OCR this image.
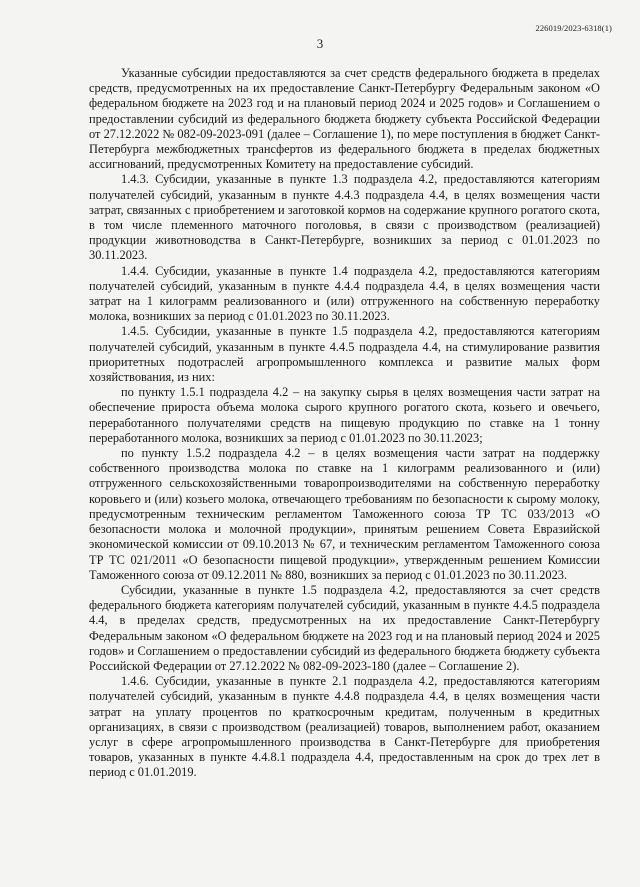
226019/2023-6318(1)
3

Указанные субсидии предоставляются за счет средств федерального бюджета в пределах средств, предусмотренных на их предоставление Санкт-Петербургу Федеральным законом «О федеральном бюджете на 2023 год и на плановый период 2024 и 2025 годов» и Соглашением о предоставлении субсидий из федерального бюджета бюджету субъекта Российской Федерации от 27.12.2022 № 082-09-2023-091 (далее – Соглашение 1), по мере поступления в бюджет Санкт-Петербурга межбюджетных трансфертов из федерального бюджета в пределах бюджетных ассигнований, предусмотренных Комитету на предоставление субсидий.

1.4.3. Субсидии, указанные в пункте 1.3 подраздела 4.2, предоставляются категориям получателей субсидий, указанным в пункте 4.4.3 подраздела 4.4, в целях возмещения части затрат, связанных с приобретением и заготовкой кормов на содержание крупного рогатого скота, в том числе племенного маточного поголовья, в связи с производством (реализацией) продукции животноводства в Санкт-Петербурге, возникших за период с 01.01.2023 по 30.11.2023.

1.4.4. Субсидии, указанные в пункте 1.4 подраздела 4.2, предоставляются категориям получателей субсидий, указанным в пункте 4.4.4 подраздела 4.4, в целях возмещения части затрат на 1 килограмм реализованного и (или) отгруженного на собственную переработку молока, возникших за период с 01.01.2023 по 30.11.2023.

1.4.5. Субсидии, указанные в пункте 1.5 подраздела 4.2, предоставляются категориям получателей субсидий, указанным в пункте 4.4.5 подраздела 4.4, на стимулирование развития приоритетных подотраслей агропромышленного комплекса и развитие малых форм хозяйствования, из них:

по пункту 1.5.1 подраздела 4.2 – на закупку сырья в целях возмещения части затрат на обеспечение прироста объема молока сырого крупного рогатого скота, козьего и овечьего, переработанного получателями средств на пищевую продукцию по ставке на 1 тонну переработанного молока, возникших за период с 01.01.2023 по 30.11.2023;

по пункту 1.5.2 подраздела 4.2 – в целях возмещения части затрат на поддержку собственного производства молока по ставке на 1 килограмм реализованного и (или) отгруженного сельскохозяйственными товаропроизводителями на собственную переработку коровьего и (или) козьего молока, отвечающего требованиям по безопасности к сырому молоку, предусмотренным техническим регламентом Таможенного союза ТР ТС 033/2013 «О безопасности молока и молочной продукции», принятым решением Совета Евразийской экономической комиссии от 09.10.2013 № 67, и техническим регламентом Таможенного союза ТР ТС 021/2011 «О безопасности пищевой продукции», утвержденным решением Комиссии Таможенного союза от 09.12.2011 № 880, возникших за период с 01.01.2023 по 30.11.2023.

Субсидии, указанные в пункте 1.5 подраздела 4.2, предоставляются за счет средств федерального бюджета категориям получателей субсидий, указанным в пункте 4.4.5 подраздела 4.4, в пределах средств, предусмотренных на их предоставление Санкт-Петербургу Федеральным законом «О федеральном бюджете на 2023 год и на плановый период 2024 и 2025 годов» и Соглашением о предоставлении субсидий из федерального бюджета бюджету субъекта Российской Федерации от 27.12.2022 № 082-09-2023-180 (далее – Соглашение 2).

1.4.6. Субсидии, указанные в пункте 2.1 подраздела 4.2, предоставляются категориям получателей субсидий, указанным в пункте 4.4.8 подраздела 4.4, в целях возмещения части затрат на уплату процентов по краткосрочным кредитам, полученным в кредитных организациях, в связи с производством (реализацией) товаров, выполнением работ, оказанием услуг в сфере агропромышленного производства в Санкт-Петербурге для приобретения товаров, указанных в пункте 4.4.8.1 подраздела 4.4, предоставленным на срок до трех лет в период с 01.01.2019.
